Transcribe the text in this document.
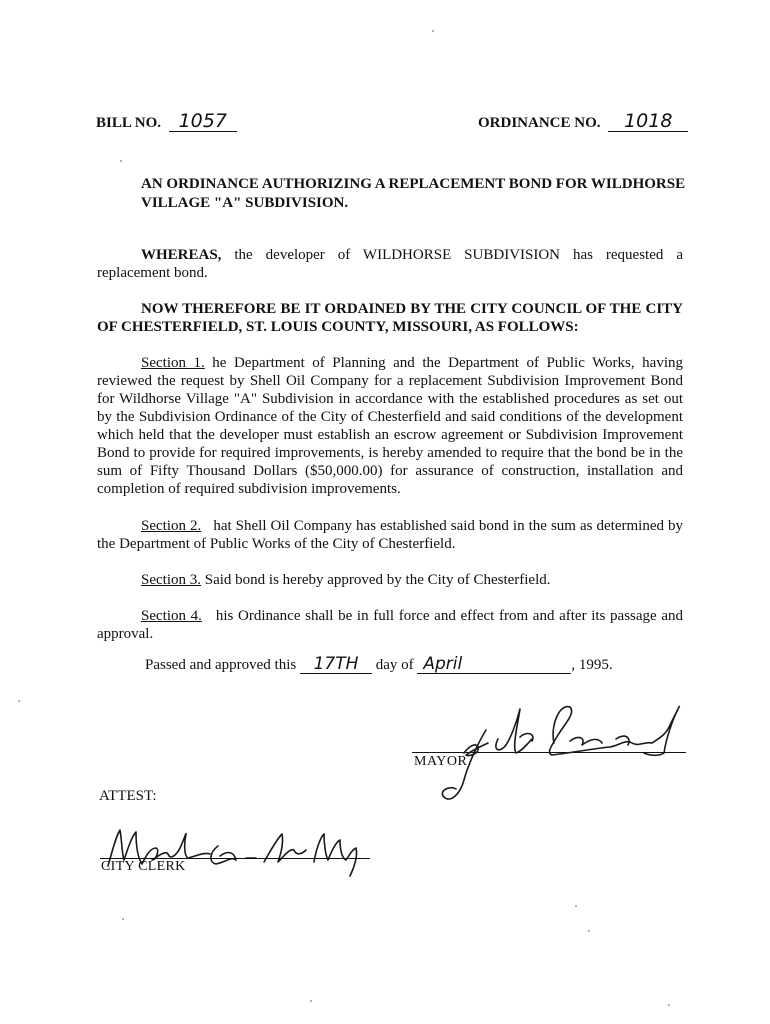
BILL NO. 1057	ORDINANCE NO. 1018
AN ORDINANCE AUTHORIZING A REPLACEMENT BOND FOR WILDHORSE
VILLAGE "A" SUBDIVISION.
WHEREAS, the developer of WILDHORSE SUBDIVISION has requested a replacement bond.
NOW THEREFORE BE IT ORDAINED BY THE CITY COUNCIL OF THE CITY OF CHESTERFIELD, ST. LOUIS COUNTY, MISSOURI, AS FOLLOWS:
Section 1. he Department of Planning and the Department of Public Works, having reviewed the request by Shell Oil Company for a replacement Subdivision Improvement Bond for Wildhorse Village "A" Subdivision in accordance with the established procedures as set out by the Subdivision Ordinance of the City of Chesterfield and said conditions of the development which held that the developer must establish an escrow agreement or Subdivision Improvement Bond to provide for required improvements, is hereby amended to require that the bond be in the sum of Fifty Thousand Dollars ($50,000.00) for assurance of construction, installation and completion of required subdivision improvements.
Section 2.   hat Shell Oil Company has established said bond in the sum as determined by the Department of Public Works of the City of Chesterfield.
Section 3. Said bond is hereby approved by the City of Chesterfield.
Section 4.   his Ordinance shall be in full force and effect from and after its passage and approval.
Passed and approved this 17TH day of April	, 1995.
MAYOR
ATTEST:
CITY CLERK
